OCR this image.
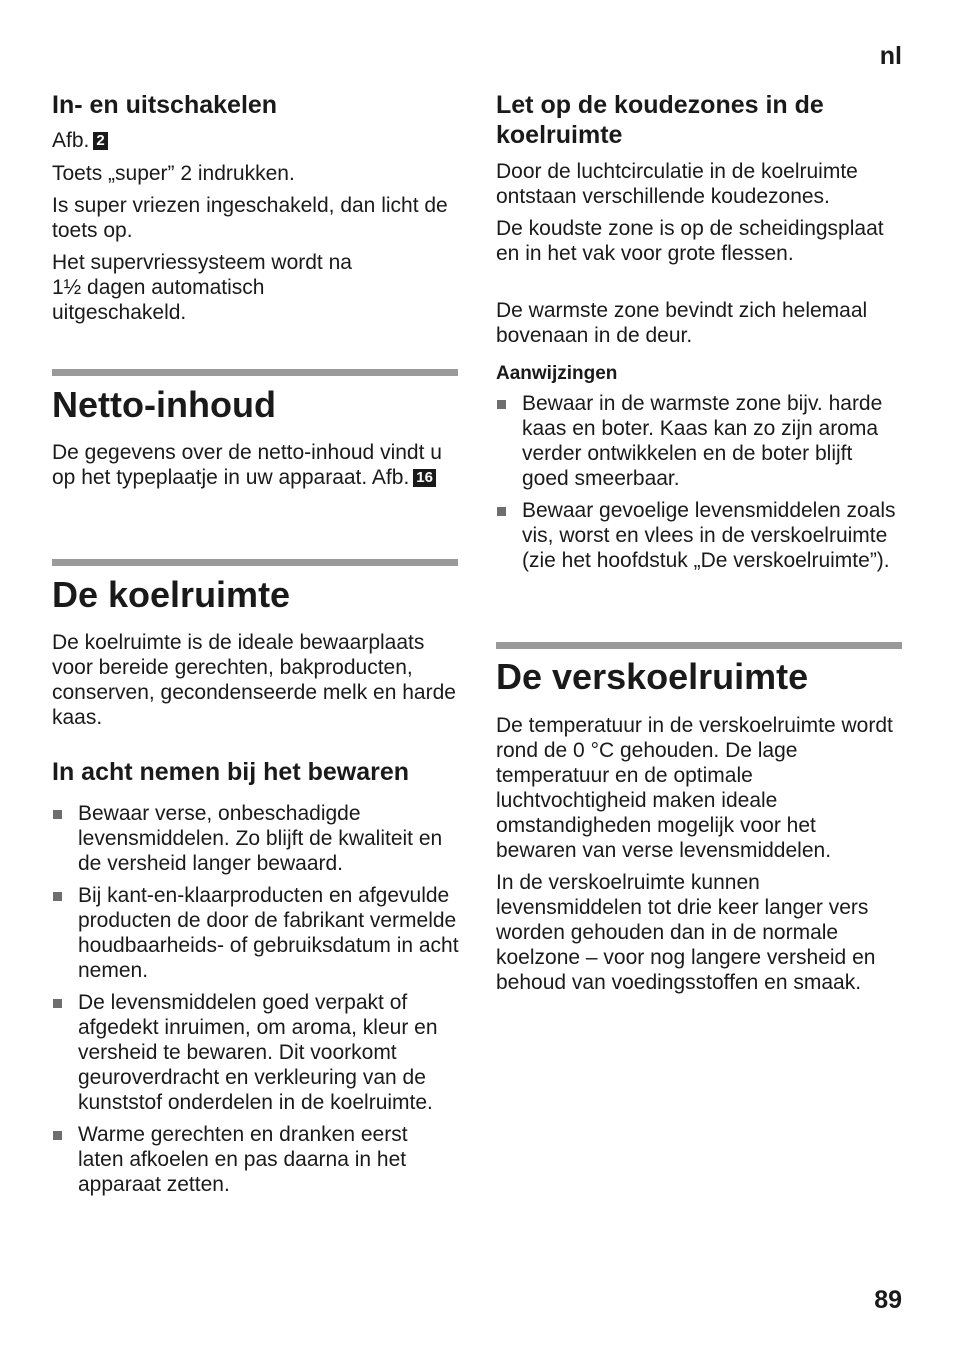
nl
In- en uitschakelen

Afb. 2

Toets „super” 2 indrukken.

Is super vriezen ingeschakeld, dan licht de toets op.

Het supervriessysteem wordt na 1½ dagen automatisch uitgeschakeld.

Netto-inhoud

De gegevens over de netto-inhoud vindt u op het typeplaatje in uw apparaat. Afb. 16

De koelruimte

De koelruimte is de ideale bewaarplaats voor bereide gerechten, bakproducten, conserven, gecondenseerde melk en harde kaas.

In acht nemen bij het bewaren
Bewaar verse, onbeschadigde levensmiddelen. Zo blijft de kwaliteit en de versheid langer bewaard.
Bij kant-en-klaarproducten en afgevulde producten de door de fabrikant vermelde houdbaarheids- of gebruiksdatum in acht nemen.
De levensmiddelen goed verpakt of afgedekt inruimen, om aroma, kleur en versheid te bewaren. Dit voorkomt geuroverdracht en verkleuring van de kunststof onderdelen in de koelruimte.
Warme gerechten en dranken eerst laten afkoelen en pas daarna in het apparaat zetten.
Let op de koudezones in de koelruimte

Door de luchtcirculatie in de koelruimte ontstaan verschillende koudezones.

De koudste zone is op de scheidingsplaat en in het vak voor grote flessen.

De warmste zone bevindt zich helemaal bovenaan in de deur.

Aanwijzingen
Bewaar in de warmste zone bijv. harde kaas en boter. Kaas kan zo zijn aroma verder ontwikkelen en de boter blijft goed smeerbaar.
Bewaar gevoelige levensmiddelen zoals vis, worst en vlees in de verskoelruimte (zie het hoofdstuk „De verskoelruimte”).
De verskoelruimte

De temperatuur in de verskoelruimte wordt rond de 0 °C gehouden. De lage temperatuur en de optimale luchtvochtigheid maken ideale omstandigheden mogelijk voor het bewaren van verse levensmiddelen.

In de verskoelruimte kunnen levensmiddelen tot drie keer langer vers worden gehouden dan in de normale koelzone – voor nog langere versheid en behoud van voedingsstoffen en smaak.

89
